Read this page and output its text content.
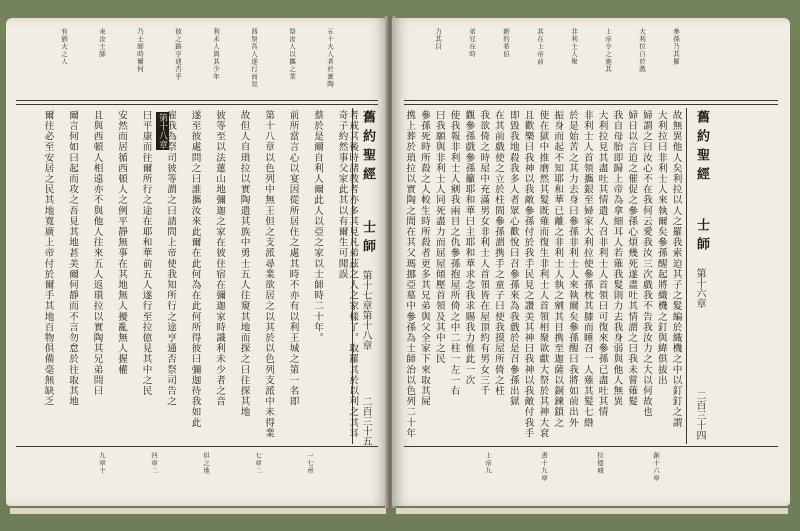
五十大人者於實陶
祭汝人以攜之業
西祭吾人遂行而見
利未人與其少年
彼之路亨通否乎
乃士師時爾何
來汝士師
有猶大之人
舊約聖經
士師
第十七章第十八章
二百三十五
第十八章	者戒其後時諸教者亦多其見凡弟茲之人之家樣了。取羅其於以利之其耳奇子約然事父家此其以有爾生可聞誤
蔡於是爾自利人爾此人以亞之家以士師時二十年。
前所當言心以宴因從所居住之處其時不亦有以利王城之第一名即
第十八章以色列中無王但之支派尋業欲居之以其於以色列支派中未得業
故但人自瑣拉以實陶遣其族中勇士五人往窺其地而探之曰往探其地
彼等至以法蓮山地彌迦之家在彼住宿在彌迦家時識利未少者之音
遂至彼處問之曰誰攜汝來此爾在此何為在此何所得彼曰彌迦待我如此
雇我為祭司彼等謂之曰請問上帝使我知所行之途亨通否祭司告之
曰平康而往爾所行之途在耶和華前五人遂行至拉億見其中之民
安然而居循西頓人之例平靜無事在其地無人擾亂無人握權
且與西頓人相遠亦不與他人往來五人返瑣拉以實陶其兄弟問曰
爾言何如曰起而攻之吾見其地甚美爾何靜而不言勿怠於往取其地
爾往必至安居之民其地寬廣上帝付於爾手其地百物俱備毫無缺乏
一七章
七章二
但之地
四章二
九章十
參孫乃其羅
大利拉自於戲
上帝令之施其
非利士人聚
其在上帝前
新約希伯
弟兄在時
力其目
舊約聖經
士師
第十六章
二百三十四
故無異他人矣利拉以人之羅我索迫其子之髮編於織機之中以釘釘之謂
大利拉曰非利士人來執爾矣參孫醒起將織機之釘與緯俱拔出
婦謂之曰汝心不在我何云愛我汝三次戲我不告我汝力之大以何故也
婦日以言迫之催促之參孫心煩幾死遂盡吐其情謂之曰我未嘗薙髮
我自母胎即歸上帝為拿細耳人若薙我髮則力去我身弱與他人無異
大利拉見其盡吐其情遣人召非利士人首領曰可復來參孫已盡吐其情
非利士人首領攜銀至婦家大利拉使參孫枕其膝而睡召一人薙其髮七綹
於是始苦之其力去身曰參孫非利士人來執爾矣參孫醒曰我將如前出外
振身而起不知耶和華已離之非利士人執之剜其目携至迦薩以銅鍊鎖之
使在獄中推磨然其髮既薙而復生非利士人首領相聚欲獻大祭於其神大袞
且歡樂曰我神以我敵參孫付於我手民見之讚美其神曰我神以我敵付我手
即毀我地殺我多人者眾心歡悅曰召參孫來為我戲於是召參孫出獄
在其前戲使之立於柱間參孫謂携手之童子曰使我摸屋所倚之柱
我欲倚之時屋中充滿男女非利士人首領皆在屋頂約有男女三千
觀參孫戲參孫籲耶和華曰主耶和華求念我求賜我力惟此一次
使我報非利士人剜我兩目之仇參孫抱屋所倚之中二柱一左一右
曰我願與非利士人同死盡力而屈屋傾壓首領及其中之民
參孫死時所殺之人較生時所殺者更多其兄弟與父全家下來取其屍
携上葬於瑣拉以實陶之間在其父瑪挪亞墓中參孫為士師治以色列二十年
創十六章
拉億城
書十九章
上帝九
